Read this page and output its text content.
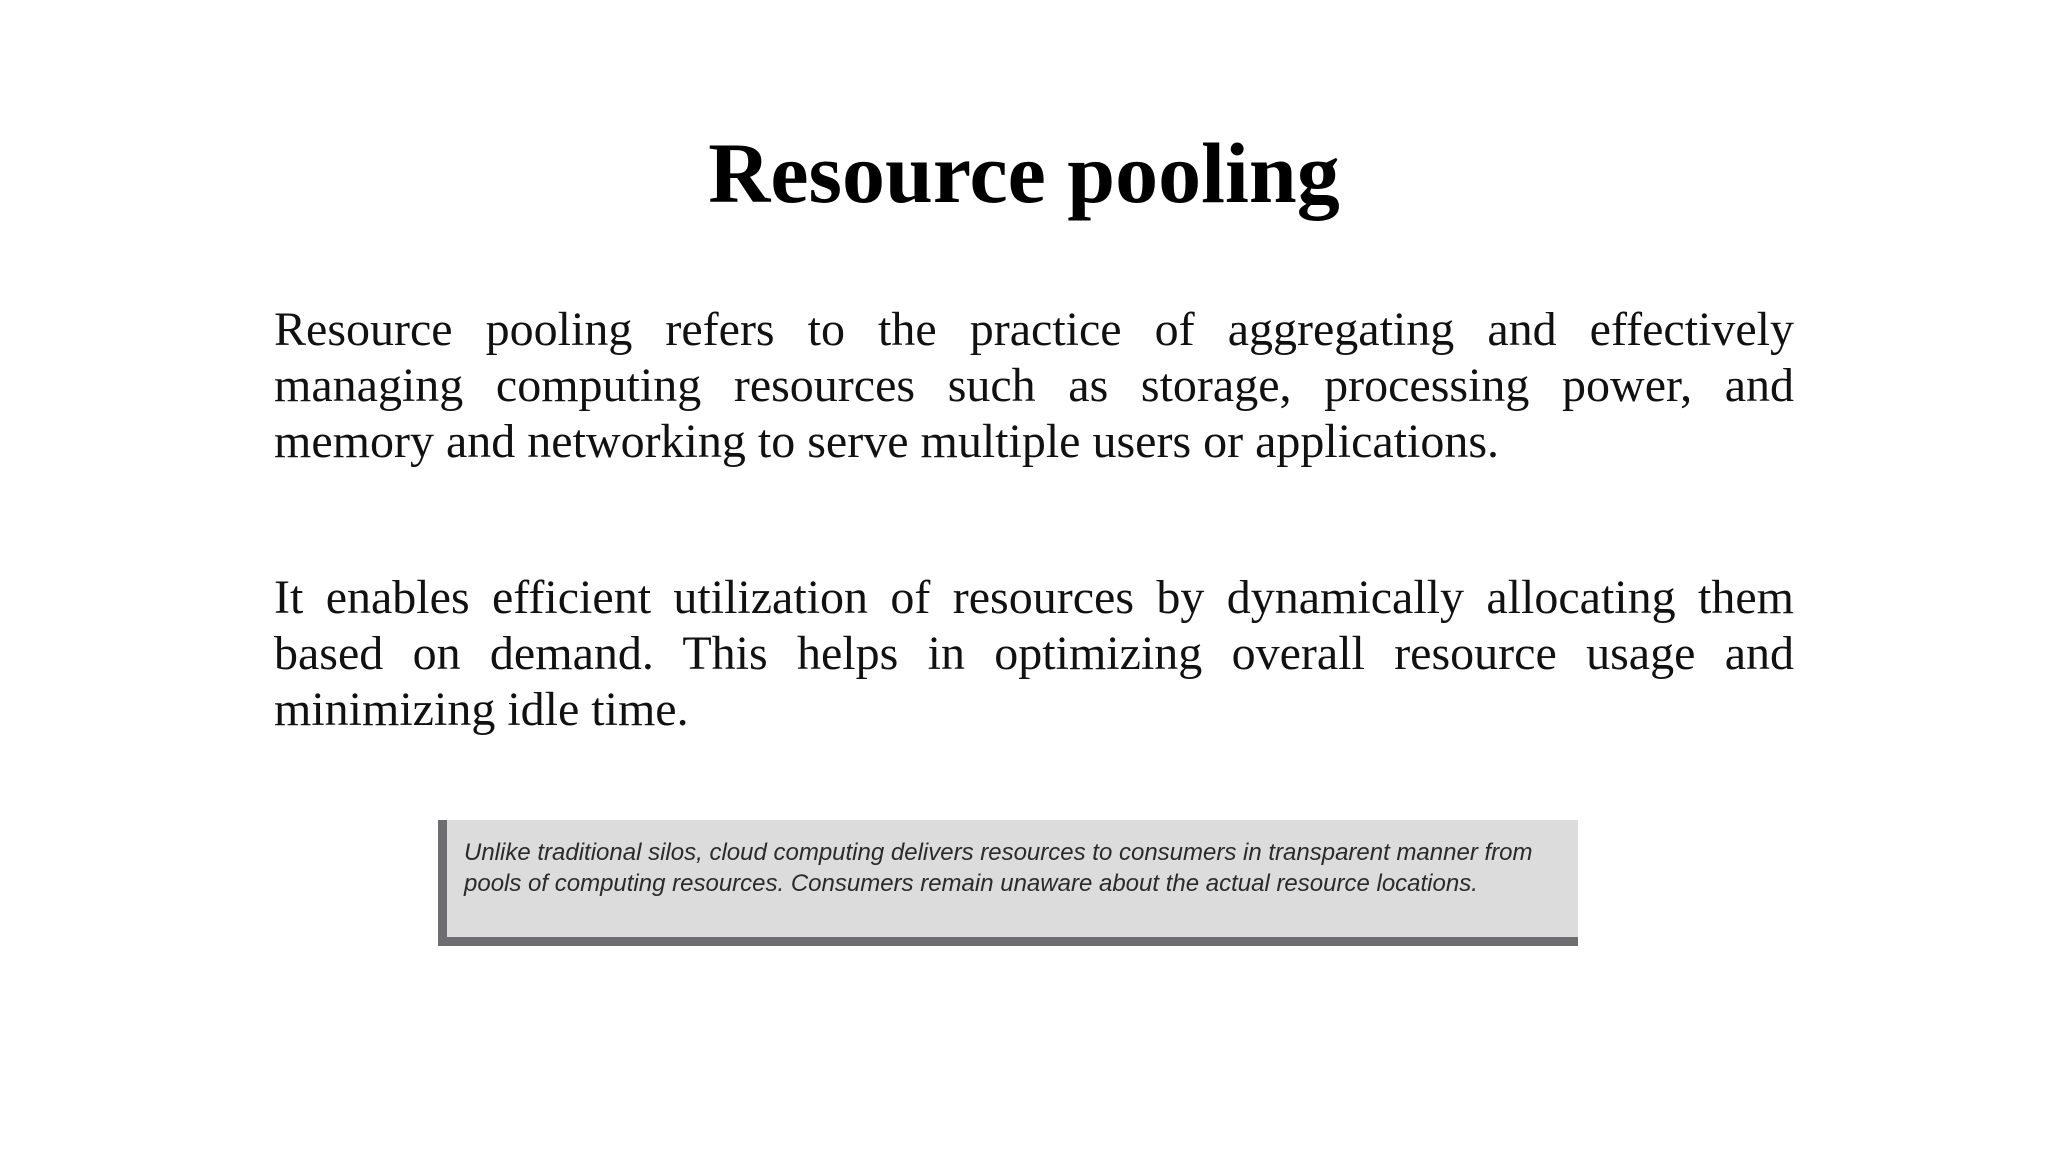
Resource pooling

Resource pooling refers to the practice of aggregating and effectively managing computing resources such as storage, processing power, and memory and networking to serve multiple users or applications.

It enables efficient utilization of resources by dynamically allocating them based on demand. This helps in optimizing overall resource usage and minimizing idle time.

Unlike traditional silos, cloud computing delivers resources to consumers in transparent manner from pools of computing resources. Consumers remain unaware about the actual resource locations.
